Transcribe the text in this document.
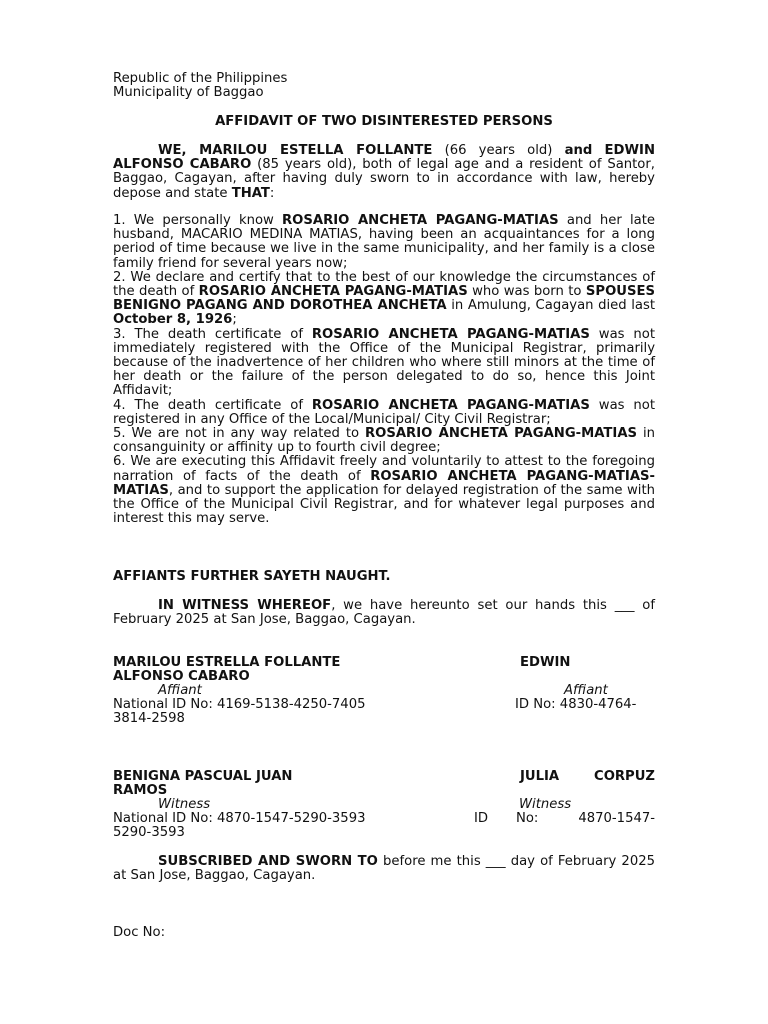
Republic of the Philippines
Municipality of Baggao
AFFIDAVIT OF TWO DISINTERESTED PERSONS

WE, MARILOU ESTELLA FOLLANTE (66 years old) and EDWIN ALFONSO CABARO (85 years old), both of legal age and a resident of Santor, Baggao, Cagayan, after having duly sworn to in accordance with law, hereby depose and state THAT:

1. We personally know ROSARIO ANCHETA PAGANG-MATIAS and her late husband, MACARIO MEDINA MATIAS, having been an acquaintances for a long period of time because we live in the same municipality, and her family is a close family friend for several years now;

2. We declare and certify that to the best of our knowledge the circumstances of the death of ROSARIO ANCHETA PAGANG-MATIAS who was born to SPOUSES BENIGNO PAGANG AND DOROTHEA ANCHETA in Amulung, Cagayan died last October 8, 1926;

3. The death certificate of ROSARIO ANCHETA PAGANG-MATIAS was not immediately registered with the Office of the Municipal Registrar, primarily because of the inadvertence of her children who where still minors at the time of her death or the failure of the person delegated to do so, hence this Joint Affidavit;

4. The death certificate of ROSARIO ANCHETA PAGANG-MATIAS was not registered in any Office of the Local/Municipal/ City Civil Registrar;

5. We are not in any way related to ROSARIO ANCHETA PAGANG-MATIAS in consanguinity or affinity up to fourth civil degree;

6. We are executing this Affidavit freely and voluntarily to attest to the foregoing narration of facts of the death of ROSARIO ANCHETA PAGANG-MATIAS-MATIAS, and to support the application for delayed registration of the same with the Office of the Municipal Civil Registrar, and for whatever legal purposes and interest this may serve.

AFFIANTS FURTHER SAYETH NAUGHT.

IN WITNESS WHEREOF, we have hereunto set our hands this ___ of February 2025 at San Jose, Baggao, Cagayan.

MARILOU ESTRELLA FOLLANTE	EDWIN
ALFONSO CABARO
Affiant	Affiant
National ID No: 4169-5138-4250-7405	ID No: 4830-4764-
3814-2598
BENIGNA PASCUAL JUAN	JULIA	CORPUZ
RAMOS
Witness	Witness
National ID No: 4870-1547-5290-3593	ID No:	4870-1547-
5290-3593

SUBSCRIBED AND SWORN TO before me this ___ day of February 2025 at San Jose, Baggao, Cagayan.

Doc No:
